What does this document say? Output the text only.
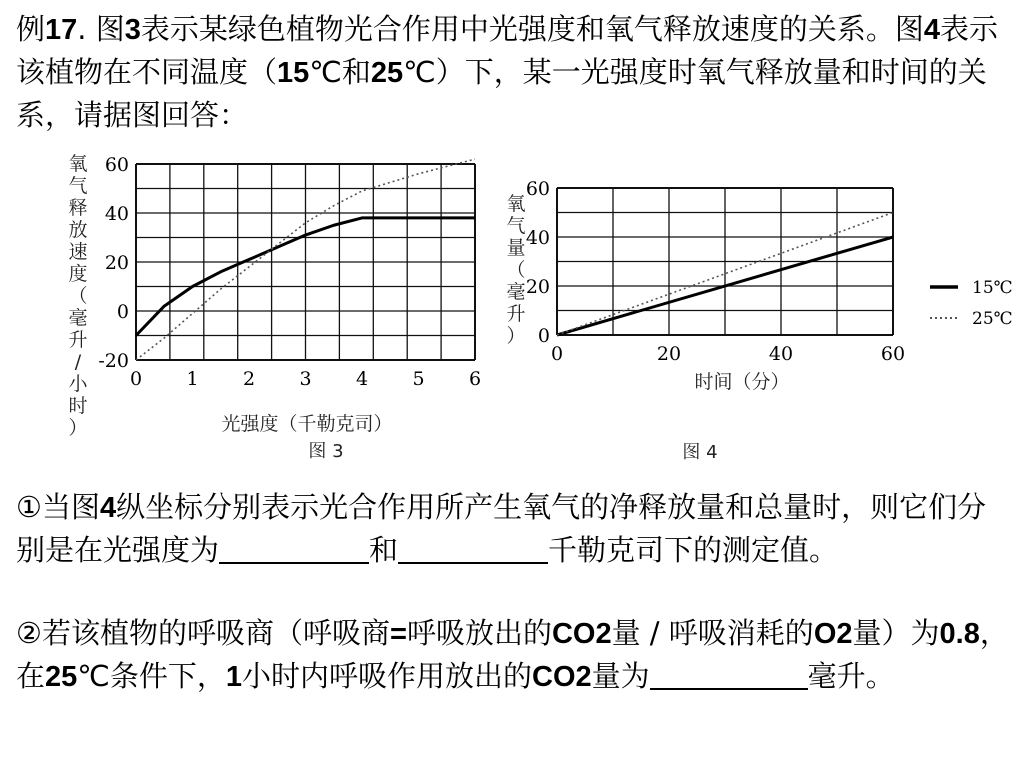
例17. 图3表示某绿色植物光合作用中光强度和氧气释放速度的关系。图4表示该植物在不同温度（15℃和25℃）下，某一光强度时氧气释放量和时间的关系，请据图回答：

-20
0
20
40
60
0 1 2 3 4 5 6
氧气释放速度（毫升/小时）	光强度（千勒克司）
图 3
0
20
40
60
0	20	40	60
氧气量（毫升）
时间（分）
图 4
15℃
25℃

①当图4纵坐标分别表示光合作用所产生氧气的净释放量和总量时，则它们分别是在光强度为	和	千勒克司下的测定值。

②若该植物的呼吸商（呼吸商=呼吸放出的CO2量 / 呼吸消耗的O2量）为0.8，在25℃条件下，1小时内呼吸作用放出的CO2量为	毫升。
